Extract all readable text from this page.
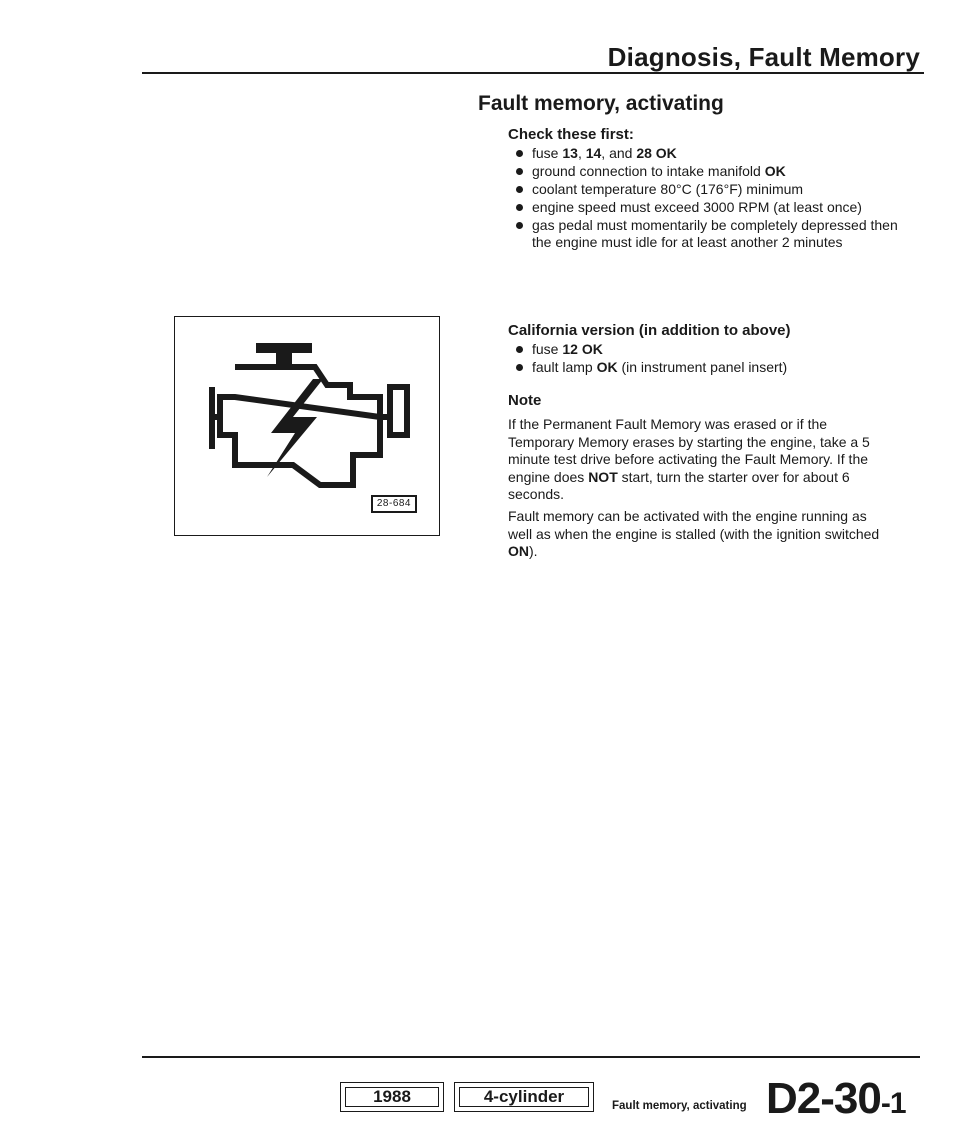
Diagnosis, Fault Memory
Fault memory, activating
Check these first:
fuse 13, 14, and 28 OK
ground connection to intake manifold OK
coolant temperature 80°C (176°F) minimum
engine speed must exceed 3000 RPM (at least once)
gas pedal must momentarily be completely depressed then the engine must idle for at least another 2 minutes
California version (in addition to above)
fuse 12 OK
fault lamp OK (in instrument panel insert)
Note

If the Permanent Fault Memory was erased or if the Temporary Memory erases by starting the engine, take a 5 minute test drive before activating the Fault Memory. If the engine does NOT start, turn the starter over for about 6 seconds.

Fault memory can be activated with the engine running as well as when the engine is stalled (with the ignition switched ON).

28-684
1988	4-cylinder	Fault memory, activating D2-30-1
